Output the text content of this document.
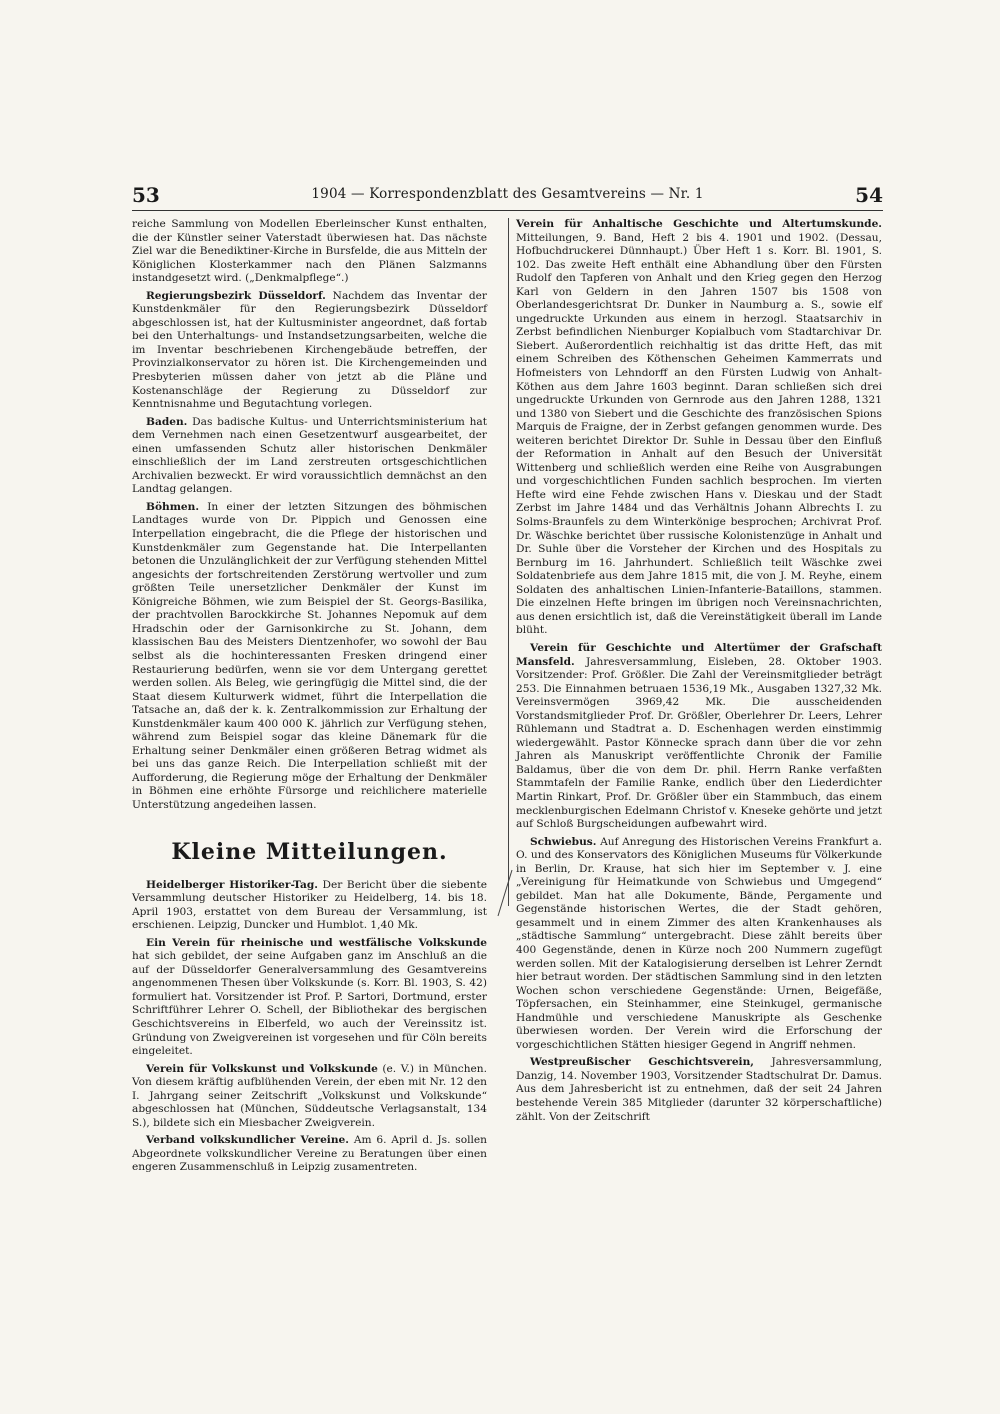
53	1904 — Korrespondenzblatt des Gesamtvereins — Nr. 1	54

reiche Sammlung von Modellen Eberleinscher Kunst enthalten, die der Künstler seiner Vaterstadt überwiesen hat. Das nächste Ziel war die Benediktiner-Kirche in Bursfelde, die aus Mitteln der Königlichen Klosterkammer nach den Plänen Salzmanns instandgesetzt wird. („Denkmalpflege“.)

Regierungsbezirk Düsseldorf. Nachdem das Inventar der Kunstdenkmäler für den Regierungsbezirk Düsseldorf abgeschlossen ist, hat der Kultusminister angeordnet, daß fortab bei den Unterhaltungs- und Instandsetzungsarbeiten, welche die im Inventar beschriebenen Kirchengebäude betreffen, der Provinzialkonservator zu hören ist. Die Kirchengemeinden und Presbyterien müssen daher von jetzt ab die Pläne und Kostenanschläge der Regierung zu Düsseldorf zur Kenntnisnahme und Begutachtung vorlegen.

Baden. Das badische Kultus- und Unterrichtsministerium hat dem Vernehmen nach einen Gesetzentwurf ausgearbeitet, der einen umfassenden Schutz aller historischen Denkmäler einschließlich der im Land zerstreuten ortsgeschichtlichen Archivalien bezweckt. Er wird voraussichtlich demnächst an den Landtag gelangen.

Böhmen. In einer der letzten Sitzungen des böhmischen Landtages wurde von Dr. Pippich und Genossen eine Interpellation eingebracht, die die Pflege der historischen und Kunstdenkmäler zum Gegenstande hat. Die Interpellanten betonen die Unzulänglichkeit der zur Verfügung stehenden Mittel angesichts der fortschreitenden Zerstörung wertvoller und zum größten Teile unersetzlicher Denkmäler der Kunst im Königreiche Böhmen, wie zum Beispiel der St. Georgs-Basilika, der prachtvollen Barockkirche St. Johannes Nepomuk auf dem Hradschin oder der Garnisonkirche zu St. Johann, dem klassischen Bau des Meisters Dientzenhofer, wo sowohl der Bau selbst als die hochinteressanten Fresken dringend einer Restaurierung bedürfen, wenn sie vor dem Untergang gerettet werden sollen. Als Beleg, wie geringfügig die Mittel sind, die der Staat diesem Kulturwerk widmet, führt die Interpellation die Tatsache an, daß der k. k. Zentralkommission zur Erhaltung der Kunstdenkmäler kaum 400 000 K. jährlich zur Verfügung stehen, während zum Beispiel sogar das kleine Dänemark für die Erhaltung seiner Denkmäler einen größeren Betrag widmet als bei uns das ganze Reich. Die Interpellation schließt mit der Aufforderung, die Regierung möge der Erhaltung der Denkmäler in Böhmen eine erhöhte Fürsorge und reichlichere materielle Unterstützung angedeihen lassen.

Kleine Mitteilungen.

Heidelberger Historiker-Tag. Der Bericht über die siebente Versammlung deutscher Historiker zu Heidelberg, 14. bis 18. April 1903, erstattet von dem Bureau der Versammlung, ist erschienen. Leipzig, Duncker und Humblot. 1,40 Mk.

Ein Verein für rheinische und westfälische Volkskunde hat sich gebildet, der seine Aufgaben ganz im Anschluß an die auf der Düsseldorfer Generalversammlung des Gesamtvereins angenommenen Thesen über Volkskunde (s. Korr. Bl. 1903, S. 42) formuliert hat. Vorsitzender ist Prof. P. Sartori, Dortmund, erster Schriftführer Lehrer O. Schell, der Bibliothekar des bergischen Geschichtsvereins in Elberfeld, wo auch der Vereinssitz ist. Gründung von Zweigvereinen ist vorgesehen und für Cöln bereits eingeleitet.

Verein für Volkskunst und Volkskunde (e. V.) in München. Von diesem kräftig aufblühenden Verein, der eben mit Nr. 12 den I. Jahrgang seiner Zeitschrift „Volkskunst und Volkskunde“ abgeschlossen hat (München, Süddeutsche Verlagsanstalt, 134 S.), bildete sich ein Miesbacher Zweigverein.

Verband volkskundlicher Vereine. Am 6. April d. Js. sollen Abgeordnete volkskundlicher Vereine zu Beratungen über einen engeren Zusammenschluß in Leipzig zusamentreten.

Verein für Anhaltische Geschichte und Altertumskunde. Mitteilungen, 9. Band, Heft 2 bis 4. 1901 und 1902. (Dessau, Hofbuchdruckerei Dünnhaupt.) Über Heft 1 s. Korr. Bl. 1901, S. 102. Das zweite Heft enthält eine Abhandlung über den Fürsten Rudolf den Tapferen von Anhalt und den Krieg gegen den Herzog Karl von Geldern in den Jahren 1507 bis 1508 von Oberlandesgerichtsrat Dr. Dunker in Naumburg a. S., sowie elf ungedruckte Urkunden aus einem in herzogl. Staatsarchiv in Zerbst befindlichen Nienburger Kopialbuch vom Stadtarchivar Dr. Siebert. Außerordentlich reichhaltig ist das dritte Heft, das mit einem Schreiben des Köthenschen Geheimen Kammerrats und Hofmeisters von Lehndorff an den Fürsten Ludwig von Anhalt-Köthen aus dem Jahre 1603 beginnt. Daran schließen sich drei ungedruckte Urkunden von Gernrode aus den Jahren 1288, 1321 und 1380 von Siebert und die Geschichte des französischen Spions Marquis de Fraigne, der in Zerbst gefangen genommen wurde. Des weiteren berichtet Direktor Dr. Suhle in Dessau über den Einfluß der Reformation in Anhalt auf den Besuch der Universität Wittenberg und schließlich werden eine Reihe von Ausgrabungen und vorgeschichtlichen Funden sachlich besprochen. Im vierten Hefte wird eine Fehde zwischen Hans v. Dieskau und der Stadt Zerbst im Jahre 1484 und das Verhältnis Johann Albrechts I. zu Solms-Braunfels zu dem Winterkönige besprochen; Archivrat Prof. Dr. Wäschke berichtet über russische Kolonistenzüge in Anhalt und Dr. Suhle über die Vorsteher der Kirchen und des Hospitals zu Bernburg im 16. Jahrhundert. Schließlich teilt Wäschke zwei Soldatenbriefe aus dem Jahre 1815 mit, die von J. M. Reyhe, einem Soldaten des anhaltischen Linien-Infanterie-Bataillons, stammen. Die einzelnen Hefte bringen im übrigen noch Vereinsnachrichten, aus denen ersichtlich ist, daß die Vereinstätigkeit überall im Lande blüht.

Verein für Geschichte und Altertümer der Grafschaft Mansfeld. Jahresversammlung, Eisleben, 28. Oktober 1903. Vorsitzender: Prof. Größler. Die Zahl der Vereinsmitglieder beträgt 253. Die Einnahmen betruaen 1536,19 Mk., Ausgaben 1327,32 Mk. Vereinsvermögen 3969,42 Mk. Die ausscheidenden Vorstandsmitglieder Prof. Dr. Größler, Oberlehrer Dr. Leers, Lehrer Rühlemann und Stadtrat a. D. Eschenhagen werden einstimmig wiedergewählt. Pastor Könnecke sprach dann über die vor zehn Jahren als Manuskript veröffentlichte Chronik der Familie Baldamus, über die von dem Dr. phil. Herrn Ranke verfaßten Stammtafeln der Familie Ranke, endlich über den Liederdichter Martin Rinkart, Prof. Dr. Größler über ein Stammbuch, das einem mecklenburgischen Edelmann Christof v. Kneseke gehörte und jetzt auf Schloß Burgscheidungen aufbewahrt wird.

Schwiebus. Auf Anregung des Historischen Vereins Frankfurt a. O. und des Konservators des Königlichen Museums für Völkerkunde in Berlin, Dr. Krause, hat sich hier im September v. J. eine „Vereinigung für Heimatkunde von Schwiebus und Umgegend“ gebildet. Man hat alle Dokumente, Bände, Pergamente und Gegenstände historischen Wertes, die der Stadt gehören, gesammelt und in einem Zimmer des alten Krankenhauses als „städtische Sammlung“ untergebracht. Diese zählt bereits über 400 Gegenstände, denen in Kürze noch 200 Nummern zugefügt werden sollen. Mit der Katalogisierung derselben ist Lehrer Zerndt hier betraut worden. Der städtischen Sammlung sind in den letzten Wochen schon verschiedene Gegenstände: Urnen, Beigefäße, Töpfersachen, ein Steinhammer, eine Steinkugel, germanische Handmühle und verschiedene Manuskripte als Geschenke überwiesen worden. Der Verein wird die Erforschung der vorgeschichtlichen Stätten hiesiger Gegend in Angriff nehmen.

Westpreußischer Geschichtsverein, Jahresversammlung, Danzig, 14. November 1903, Vorsitzender Stadtschulrat Dr. Damus. Aus dem Jahresbericht ist zu entnehmen, daß der seit 24 Jahren bestehende Verein 385 Mitglieder (darunter 32 körperschaftliche) zählt. Von der Zeitschrift
